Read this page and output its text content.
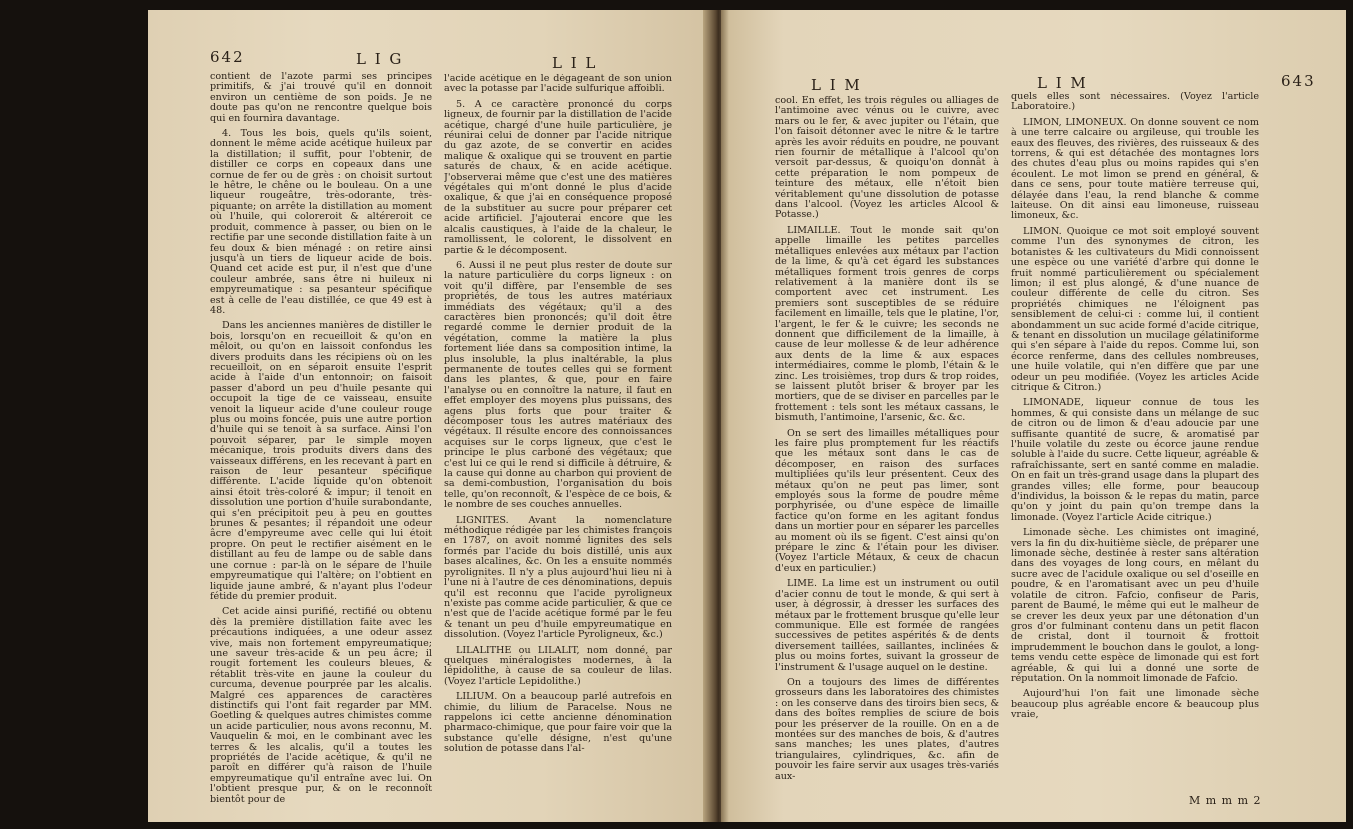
642	L I G	L I L

contient de l'azote parmi ses principes primitifs, & j'ai trouvé qu'il en donnoit environ un centième de son poids. Je ne doute pas qu'on ne rencontre quelque bois qui en fournira davantage.

4. Tous les bois, quels qu'ils soient, donnent le même acide acétique huileux par la distillation; il suffit, pour l'obtenir, de distiller ce corps en copeaux dans une cornue de fer ou de grès : on choisit surtout le hêtre, le chêne ou le bouleau. On a une liqueur rougeâtre, très-odorante, très-piquante; on arrête la distillation au moment où l'huile, qui coloreroit & altéreroit ce produit, commence à passer, ou bien on le rectifie par une seconde distillation faite à un feu doux & bien ménagé : on retire ainsi jusqu'à un tiers de liqueur acide de bois. Quand cet acide est pur, il n'est que d'une couleur ambrée, sans être ni huileux ni empyreumatique : sa pesanteur spécifique est à celle de l'eau distillée, ce que 49 est à 48.

Dans les anciennes manières de distiller le bois, lorsqu'on en recueilloit & qu'on en mêloit, ou qu'on en laissoit confondus les divers produits dans les récipiens où on les recueilloit, on en séparoit ensuite l'esprit acide à l'aide d'un entonnoir; on faisoit passer d'abord un peu d'huile pesante qui occupoit la tige de ce vaisseau, ensuite venoit la liqueur acide d'une couleur rouge plus ou moins foncée, puis une autre portion d'huile qui se tenoit à sa surface. Ainsi l'on pouvoit séparer, par le simple moyen mécanique, trois produits divers dans des vaisseaux différens, en les recevant à part en raison de leur pesanteur spécifique différente. L'acide liquide qu'on obtenoit ainsi étoit très-coloré & impur; il tenoit en dissolution une portion d'huile surabondante, qui s'en précipitoit peu à peu en gouttes brunes & pesantes; il répandoit une odeur âcre d'empyreume avec celle qui lui étoit propre. On peut le rectifier aisément en le distillant au feu de lampe ou de sable dans une cornue : par-là on le sépare de l'huile empyreumatique qui l'altère; on l'obtient en liquide jaune ambré, & n'ayant plus l'odeur fétide du premier produit.

Cet acide ainsi purifié, rectifié ou obtenu dès la première distillation faite avec les précautions indiquées, a une odeur assez vive, mais non fortement empyreumatique; une saveur très-acide & un peu âcre; il rougit fortement les couleurs bleues, & rétablit très-vite en jaune la couleur du curcuma, devenue pourprée par les alcalis. Malgré ces apparences de caractères distinctifs qui l'ont fait regarder par MM. Goetling & quelques autres chimistes comme un acide particulier, nous avons reconnu, M. Vauquelin & moi, en le combinant avec les terres & les alcalis, qu'il a toutes les propriétés de l'acide acétique, & qu'il ne paroît en différer qu'à raison de l'huile empyreumatique qu'il entraîne avec lui. On l'obtient presque pur, & on le reconnoît bientôt pour de

l'acide acétique en le dégageant de son union avec la potasse par l'acide sulfurique affoibli.

5. A ce caractère prononcé du corps ligneux, de fournir par la distillation de l'acide acétique, chargé d'une huile particulière, je réunirai celui de donner par l'acide nitrique du gaz azote, de se convertir en acides malique & oxalique qui se trouvent en partie saturés de chaux, & en acide acétique. J'observerai même que c'est une des matières végétales qui m'ont donné le plus d'acide oxalique, & que j'ai en conséquence proposé de la substituer au sucre pour préparer cet acide artificiel. J'ajouterai encore que les alcalis caustiques, à l'aide de la chaleur, le ramollissent, le colorent, le dissolvent en partie & le décomposent.

6. Aussi il ne peut plus rester de doute sur la nature particulière du corps ligneux : on voit qu'il diffère, par l'ensemble de ses propriétés, de tous les autres matériaux immédiats des végétaux; qu'il a des caractères bien prononcés; qu'il doit être regardé comme le dernier produit de la végétation, comme la matière la plus fortement liée dans sa composition intime, la plus insoluble, la plus inaltérable, la plus permanente de toutes celles qui se forment dans les plantes, & que, pour en faire l'analyse ou en connoître la nature, il faut en effet employer des moyens plus puissans, des agens plus forts que pour traiter & décomposer tous les autres matériaux des végétaux. Il résulte encore des connoissances acquises sur le corps ligneux, que c'est le principe le plus carboné des végétaux; que c'est lui ce qui le rend si difficile à détruire, & la cause qui donne au charbon qui provient de sa demi-combustion, l'organisation du bois telle, qu'on reconnoît, & l'espèce de ce bois, & le nombre de ses couches annuelles.

LIGNITES. Avant la nomenclature méthodique rédigée par les chimistes françois en 1787, on avoit nommé lignites des sels formés par l'acide du bois distillé, unis aux bases alcalines, &c. On les a ensuite nommés pyrolignites. Il n'y a plus aujourd'hui lieu ni à l'une ni à l'autre de ces dénominations, depuis qu'il est reconnu que l'acide pyroligneux n'existe pas comme acide particulier, & que ce n'est que de l'acide acétique formé par le feu & tenant un peu d'huile empyreumatique en dissolution. (Voyez l'article Pyroligneux, &c.)

LILALITHE ou LILALIT, nom donné, par quelques minéralogistes modernes, à la lépidolithe, à cause de sa couleur de lilas. (Voyez l'article Lepidolithe.)

LILIUM. On a beaucoup parlé autrefois en chimie, du lilium de Paracelse. Nous ne rappelons ici cette ancienne dénomination pharmaco-chimique, que pour faire voir que la substance qu'elle désigne, n'est qu'une solution de potasse dans l'al-

L I M	L I M	643

cool. En effet, les trois régules ou alliages de l'antimoine avec vénus ou le cuivre, avec mars ou le fer, & avec jupiter ou l'étain, que l'on faisoit détonner avec le nitre & le tartre après les avoir réduits en poudre, ne pouvant rien fournir de métallique à l'alcool qu'on versoit par-dessus, & quoiqu'on donnât à cette préparation le nom pompeux de teinture des métaux, elle n'étoit bien véritablement qu'une dissolution de potasse dans l'alcool. (Voyez les articles Alcool & Potasse.)

LIMAILLE. Tout le monde sait qu'on appelle limaille les petites parcelles métalliques enlevées aux métaux par l'action de la lime, & qu'à cet égard les substances métalliques forment trois genres de corps relativement à la manière dont ils se comportent avec cet instrument. Les premiers sont susceptibles de se réduire facilement en limaille, tels que le platine, l'or, l'argent, le fer & le cuivre; les seconds ne donnent que difficilement de la limaille, à cause de leur mollesse & de leur adhérence aux dents de la lime & aux espaces intermédiaires, comme le plomb, l'étain & le zinc. Les troisièmes, trop durs & trop roides, se laissent plutôt briser & broyer par les mortiers, que de se diviser en parcelles par le frottement : tels sont les métaux cassans, le bismuth, l'antimoine, l'arsenic, &c. &c.

On se sert des limailles métalliques pour les faire plus promptement fur les réactifs que les métaux sont dans le cas de décomposer, en raison des surfaces multipliées qu'ils leur présentent. Ceux des métaux qu'on ne peut pas limer, sont employés sous la forme de poudre même porphyrisée, ou d'une espèce de limaille factice qu'on forme en les agitant fondus dans un mortier pour en séparer les parcelles au moment où ils se figent. C'est ainsi qu'on prépare le zinc & l'étain pour les diviser. (Voyez l'article Métaux, & ceux de chacun d'eux en particulier.)

LIME. La lime est un instrument ou outil d'acier connu de tout le monde, & qui sert à user, à dégrossir, à dresser les surfaces des métaux par le frottement brusque qu'elle leur communique. Elle est formée de rangées successives de petites aspérités & de dents diversement taillées, saillantes, inclinées & plus ou moins fortes, suivant la grosseur de l'instrument & l'usage auquel on le destine.

On a toujours des limes de différentes grosseurs dans les laboratoires des chimistes : on les conserve dans des tiroirs bien secs, & dans des boîtes remplies de sciure de bois pour les préserver de la rouille. On en a de montées sur des manches de bois, & d'autres sans manches; les unes plates, d'autres triangulaires, cylindriques, &c. afin de pouvoir les faire servir aux usages très-variés aux-

quels elles sont nécessaires. (Voyez l'article Laboratoire.)

LIMON, LIMONEUX. On donne souvent ce nom à une terre calcaire ou argileuse, qui trouble les eaux des fleuves, des rivières, des ruisseaux & des torrens, & qui est détachée des montagnes lors des chutes d'eau plus ou moins rapides qui s'en écoulent. Le mot limon se prend en général, & dans ce sens, pour toute matière terreuse qui, délayée dans l'eau, la rend blanche & comme laiteuse. On dit ainsi eau limoneuse, ruisseau limoneux, &c.

LIMON. Quoique ce mot soit employé souvent comme l'un des synonymes de citron, les botanistes & les cultivateurs du Midi connoissent une espèce ou une variété d'arbre qui donne le fruit nommé particulièrement ou spécialement limon; il est plus alongé, & d'une nuance de couleur différente de celle du citron. Ses propriétés chimiques ne l'éloignent pas sensiblement de celui-ci : comme lui, il contient abondamment un suc acide formé d'acide citrique, & tenant en dissolution un mucilage gélatiniforme qui s'en sépare à l'aide du repos. Comme lui, son écorce renferme, dans des cellules nombreuses, une huile volatile, qui n'en diffère que par une odeur un peu modifiée. (Voyez les articles Acide citrique & Citron.)

LIMONADE, liqueur connue de tous les hommes, & qui consiste dans un mélange de suc de citron ou de limon & d'eau adoucie par une suffisante quantité de sucre, & aromatisé par l'huile volatile du zeste ou écorce jaune rendue soluble à l'aide du sucre. Cette liqueur, agréable & rafraîchissante, sert en santé comme en maladie. On en fait un très-grand usage dans la plupart des grandes villes; elle forme, pour beaucoup d'individus, la boisson & le repas du matin, parce qu'on y joint du pain qu'on trempe dans la limonade. (Voyez l'article Acide citrique.)

Limonade sèche. Les chimistes ont imaginé, vers la fin du dix-huitième siècle, de préparer une limonade sèche, destinée à rester sans altération dans des voyages de long cours, en mêlant du sucre avec de l'acidule oxalique ou sel d'oseille en poudre, & en l'aromatisant avec un peu d'huile volatile de citron. Fafcio, confiseur de Paris, parent de Baumé, le même qui eut le malheur de se crever les deux yeux par une détonation d'un gros d'or fulminant contenu dans un petit flacon de cristal, dont il tournoit & frottoit imprudemment le bouchon dans le goulot, a long-tems vendu cette espèce de limonade qui est fort agréable, & qui lui a donné une sorte de réputation. On la nommoit limonade de Fafcio.

Aujourd'hui l'on fait une limonade sèche beaucoup plus agréable encore & beaucoup plus vraie,

M m m m 2
